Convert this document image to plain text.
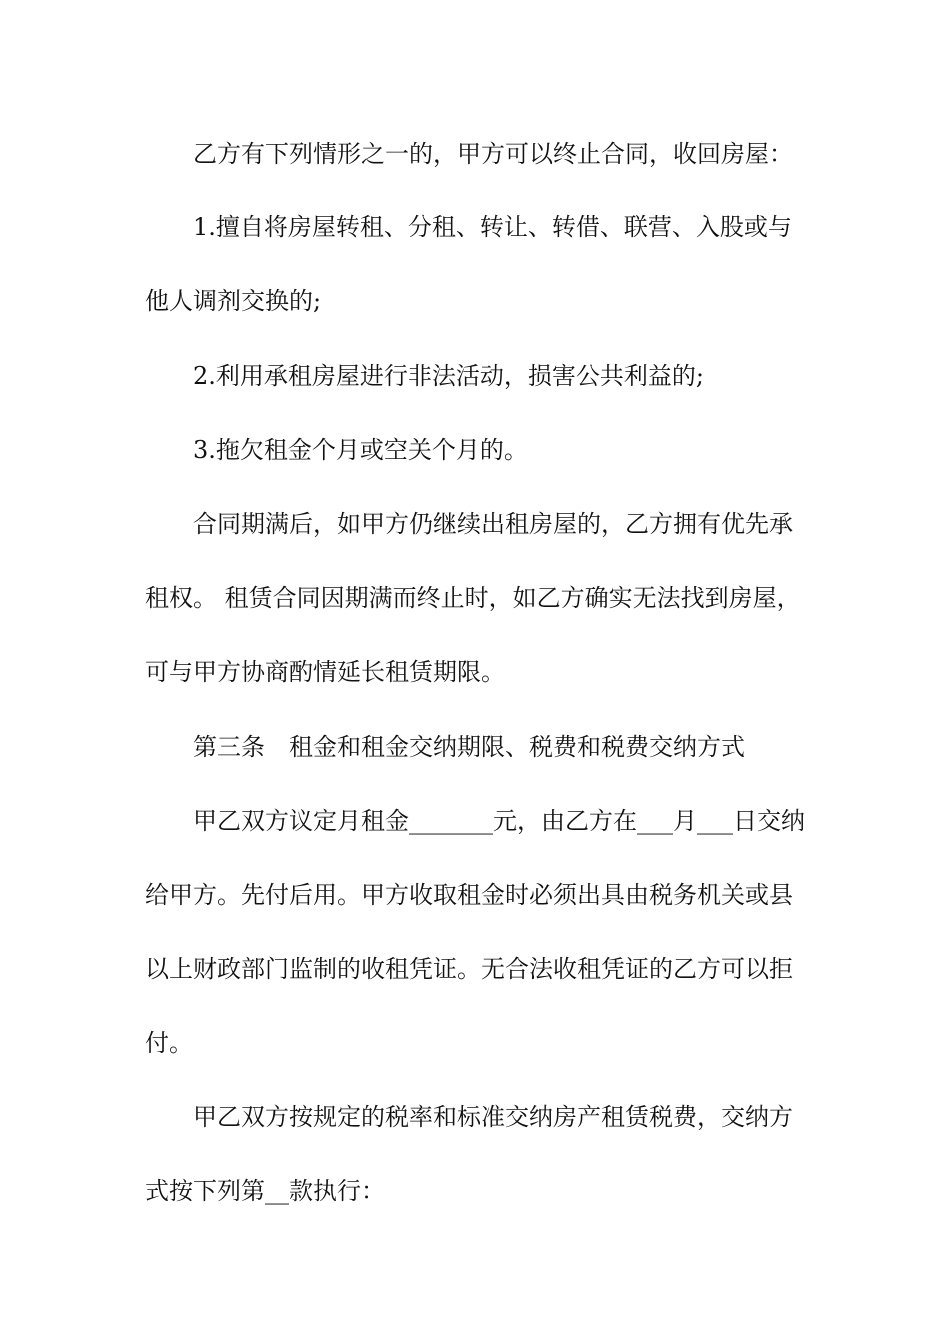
乙方有下列情形之一的，甲方可以终止合同，收回房屋：
1.擅自将房屋转租、分租、转让、转借、联营、入股或与
他人调剂交换的;
2.利用承租房屋进行非法活动，损害公共利益的;
3.拖欠租金个月或空关个月的。
合同期满后，如甲方仍继续出租房屋的，乙方拥有优先承
租权。 租赁合同因期满而终止时，如乙方确实无法找到房屋，
可与甲方协商酌情延长租赁期限。
第三条　租金和租金交纳期限、税费和税费交纳方式
甲乙双方议定月租金_______元，由乙方在___月___日交纳
给甲方。先付后用。甲方收取租金时必须出具由税务机关或县
以上财政部门监制的收租凭证。无合法收租凭证的乙方可以拒
付。
甲乙双方按规定的税率和标准交纳房产租赁税费，交纳方
式按下列第__款执行：
